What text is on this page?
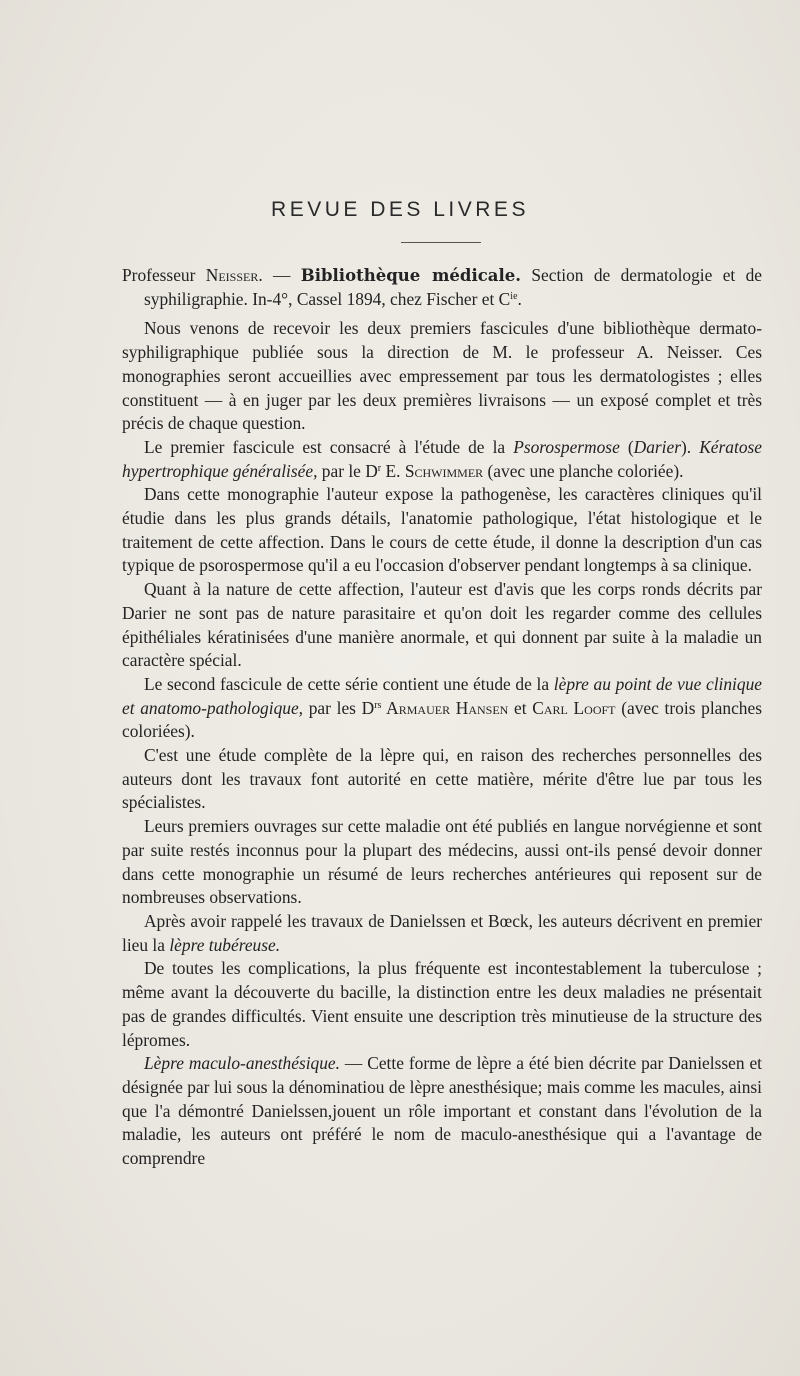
REVUE DES LIVRES

Professeur Neisser. — Bibliothèque médicale. Section de dermatologie et de syphiligraphie. In-4°, Cassel 1894, chez Fischer et $C^{ie}$.

Nous venons de recevoir les deux premiers fascicules d'une bibliothèque dermato-syphiligraphique publiée sous la direction de M. le professeur A. Neisser. Ces monographies seront accueillies avec empressement par tous les dermatologistes ; elles constituent — à en juger par les deux premières livraisons — un exposé complet et très précis de chaque question.

Le premier fascicule est consacré à l'étude de la Psorospermose (Darier). Kératose hypertrophique généralisée, par le $D^r$ E. Schwimmer (avec une planche coloriée).

Dans cette monographie l'auteur expose la pathogenèse, les caractères cliniques qu'il étudie dans les plus grands détails, l'anatomie pathologique, l'état histologique et le traitement de cette affection. Dans le cours de cette étude, il donne la description d'un cas typique de psorospermose qu'il a eu l'occasion d'observer pendant longtemps à sa clinique.

Quant à la nature de cette affection, l'auteur est d'avis que les corps ronds décrits par Darier ne sont pas de nature parasitaire et qu'on doit les regarder comme des cellules épithéliales kératinisées d'une manière anormale, et qui donnent par suite à la maladie un caractère spécial.

Le second fascicule de cette série contient une étude de la lèpre au point de vue clinique et anatomo-pathologique, par les $D^{rs}$ Armauer Hansen et Carl Looft (avec trois planches coloriées).

C'est une étude complète de la lèpre qui, en raison des recherches personnelles des auteurs dont les travaux font autorité en cette matière, mérite d'être lue par tous les spécialistes.

Leurs premiers ouvrages sur cette maladie ont été publiés en langue norvégienne et sont par suite restés inconnus pour la plupart des médecins, aussi ont-ils pensé devoir donner dans cette monographie un résumé de leurs recherches antérieures qui reposent sur de nombreuses observations.

Après avoir rappelé les travaux de Danielssen et Bœck, les auteurs décrivent en premier lieu la lèpre tubéreuse.

De toutes les complications, la plus fréquente est incontestablement la tuberculose ; même avant la découverte du bacille, la distinction entre les deux maladies ne présentait pas de grandes difficultés. Vient ensuite une description très minutieuse de la structure des lépromes.

Lèpre maculo-anesthésique. — Cette forme de lèpre a été bien décrite par Danielssen et désignée par lui sous la dénominatiou de lèpre anesthésique; mais comme les macules, ainsi que l'a démontré Danielssen,jouent un rôle important et constant dans l'évolution de la maladie, les auteurs ont préféré le nom de maculo-anesthésique qui a l'avantage de comprendre
